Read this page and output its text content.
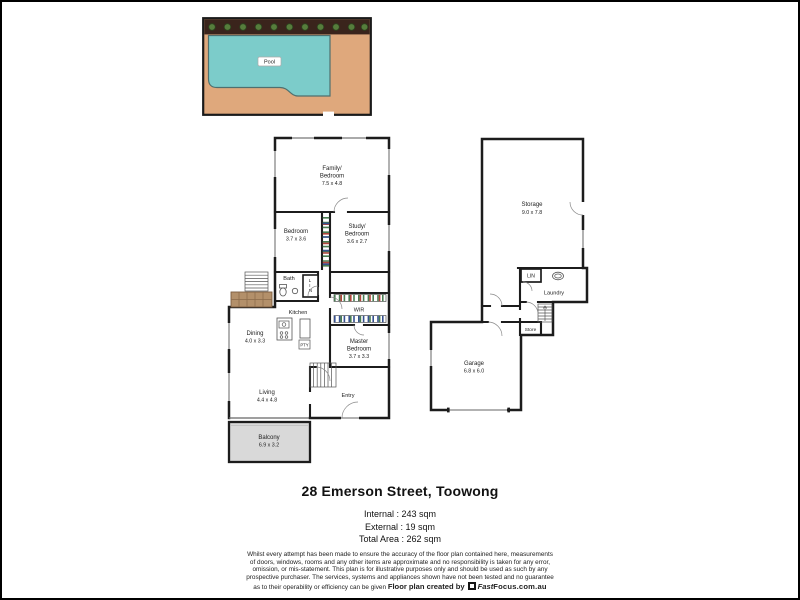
Pool
Balcony
6.9 x 3.2
L I N
PTY
Family/
Bedroom
7.5 x 4.8
Bedroom
3.7 x 3.6
Study/
Bedroom
3.6 x 2.7
Bath
Kitchen	WIR
Master
Bedroom
3.7 x 3.3
Dining
4.0 x 3.3
Living
4.4 x 4.8
Entry
LIN
Storage
9.0 x 7.8
Laundry
Store
Garage
6.8 x 6.0
28 Emerson Street, Toowong
Internal : 243 sqm
External : 19 sqm
Total Area : 262 sqm
Whilst every attempt has been made to ensure the accuracy of the floor plan contained here, measurements
of doors, windows, rooms and any other items are approximate and no responsibility is taken for any error,
omission, or mis-statement. This plan is for illustrative purposes only and should be used as such by any
prospective purchaser. The services, systems and appliances shown have not been tested and no guarantee
as to their operability or efficiency can be given Floor plan created by FastFocus.com.au
